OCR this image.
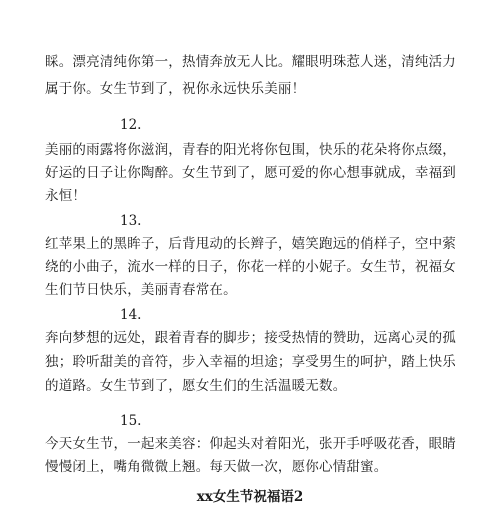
睬。漂亮清纯你第一，热情奔放无人比。耀眼明珠惹人迷，清纯活力
属于你。女生节到了，祝你永远快乐美丽！
12.
美丽的雨露将你滋润，青春的阳光将你包围，快乐的花朵将你点缀，
好运的日子让你陶醉。女生节到了，愿可爱的你心想事就成，幸福到
永恒！
13.
红苹果上的黑眸子，后背甩动的长辫子，嬉笑跑远的俏样子，空中萦
绕的小曲子，流水一样的日子，你花一样的小妮子。女生节，祝福女
生们节日快乐，美丽青春常在。
14.
奔向梦想的远处，跟着青春的脚步；接受热情的赞助，远离心灵的孤
独；聆听甜美的音符，步入幸福的坦途；享受男生的呵护，踏上快乐
的道路。女生节到了，愿女生们的生活温暖无数。
15.
今天女生节，一起来美容：仰起头对着阳光，张开手呼吸花香，眼睛
慢慢闭上，嘴角微微上翘。每天做一次，愿你心情甜蜜。
xx女生节祝福语2
